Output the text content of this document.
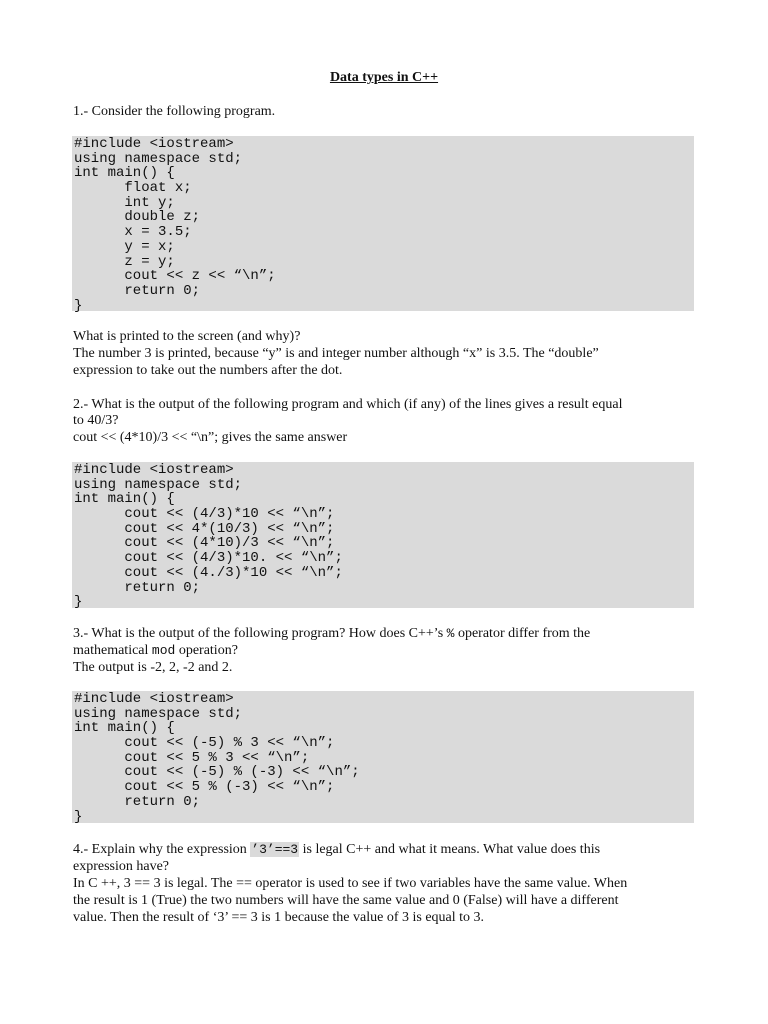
Data types in C++

1.- Consider the following program.

#include <iostream>
using namespace std;
int main() {
float x;
int y;
double z;
x = 3.5;
y = x;
z = y;
cout << z << “\n”;
return 0;
}

What is printed to the screen (and why)?

The number 3 is printed, because “y” is and integer number although “x” is 3.5. The “double”

expression to take out the numbers after the dot.

2.- What is the output of the following program and which (if any) of the lines gives a result equal

to 40/3?

cout << (4*10)/3 << “\n”; gives the same answer

#include <iostream>
using namespace std;
int main() {
cout << (4/3)*10 << “\n”;
cout << 4*(10/3) << “\n”;
cout << (4*10)/3 << “\n”;
cout << (4/3)*10. << “\n”;
cout << (4./3)*10 << “\n”;
return 0;
}

3.- What is the output of the following program? How does C++’s % operator differ from the

mathematical mod operation?

The output is -2, 2, -2 and 2.

#include <iostream>
using namespace std;
int main() {
cout << (-5) % 3 << “\n”;
cout << 5 % 3 << “\n”;
cout << (-5) % (-3) << “\n”;
cout << 5 % (-3) << “\n”;
return 0;
}

4.- Explain why the expression ’3’==3 is legal C++ and what it means. What value does this

expression have?

In C ++, 3 == 3 is legal. The == operator is used to see if two variables have the same value. When

the result is 1 (True) the two numbers will have the same value and 0 (False) will have a different

value. Then the result of ‘3’ == 3 is 1 because the value of 3 is equal to 3.
